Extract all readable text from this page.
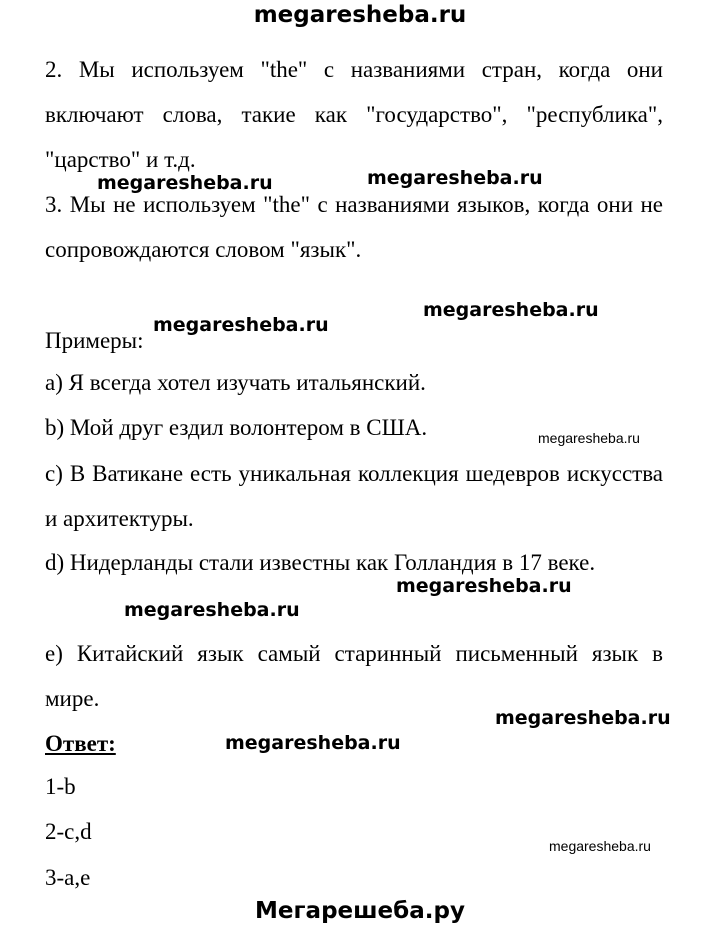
megaresheba.ru
2. Мы используем "the" с названиями стран, когда они включают слова, такие как "государство", "республика", "царство" и т.д.
3. Мы не используем "the" с названиями языков, когда они не сопровождаются словом "язык".
Примеры:
a) Я всегда хотел изучать итальянский.
b) Мой друг ездил волонтером в США.
c) В Ватикане есть уникальная коллекция шедевров искусства и архитектуры.
d) Нидерланды стали известны как Голландия в 17 веке.
e) Китайский язык самый старинный письменный язык в мире.
Ответ:
1-b
2-c,d
3-a,e
megaresheba.ru	megaresheba.ru
megaresheba.ru
megaresheba.ru
megaresheba.ru
megaresheba.ru
megaresheba.ru
megaresheba.ru
megaresheba.ru
megaresheba.ru
Мегарешеба.ру
